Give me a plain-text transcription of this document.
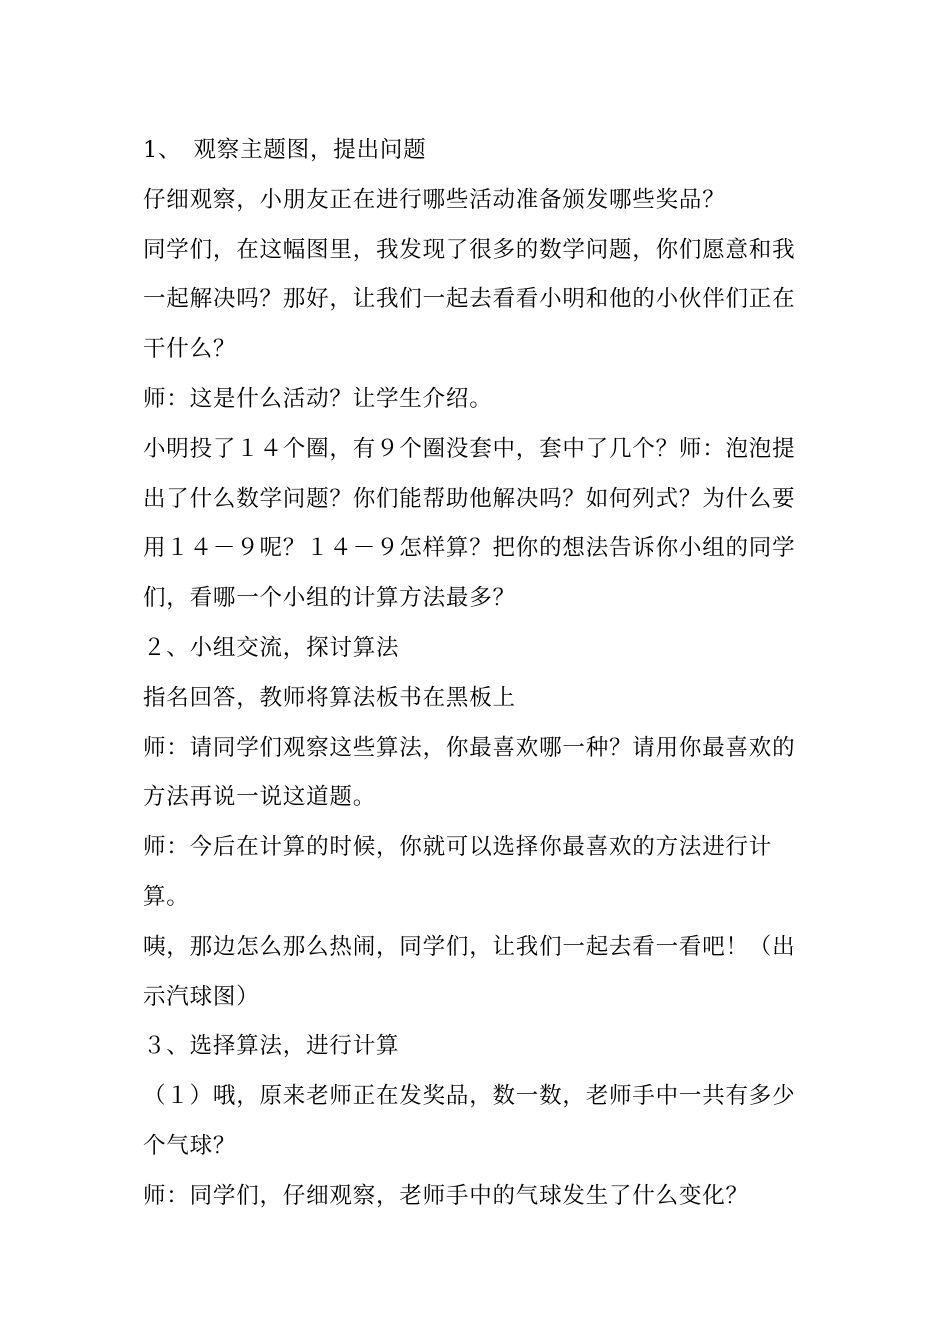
1、　观察主题图，提出问题

仔细观察，小朋友正在进行哪些活动准备颁发哪些奖品？

同学们，在这幅图里，我发现了很多的数学问题，你们愿意和我一起解决吗？那好，让我们一起去看看小明和他的小伙伴们正在干什么？

师：这是什么活动？让学生介绍。

小明投了１４个圈，有９个圈没套中，套中了几个？师：泡泡提出了什么数学问题？你们能帮助他解决吗？如何列式？为什么要用１４－９呢？１４－９怎样算？把你的想法告诉你小组的同学们，看哪一个小组的计算方法最多？

２、小组交流，探讨算法

指名回答，教师将算法板书在黑板上

师：请同学们观察这些算法，你最喜欢哪一种？请用你最喜欢的方法再说一说这道题。

师：今后在计算的时候，你就可以选择你最喜欢的方法进行计算。

咦，那边怎么那么热闹，同学们，让我们一起去看一看吧！（出示汽球图）

３、选择算法，进行计算

（１）哦，原来老师正在发奖品，数一数，老师手中一共有多少个气球？

师：同学们，仔细观察，老师手中的气球发生了什么变化？
